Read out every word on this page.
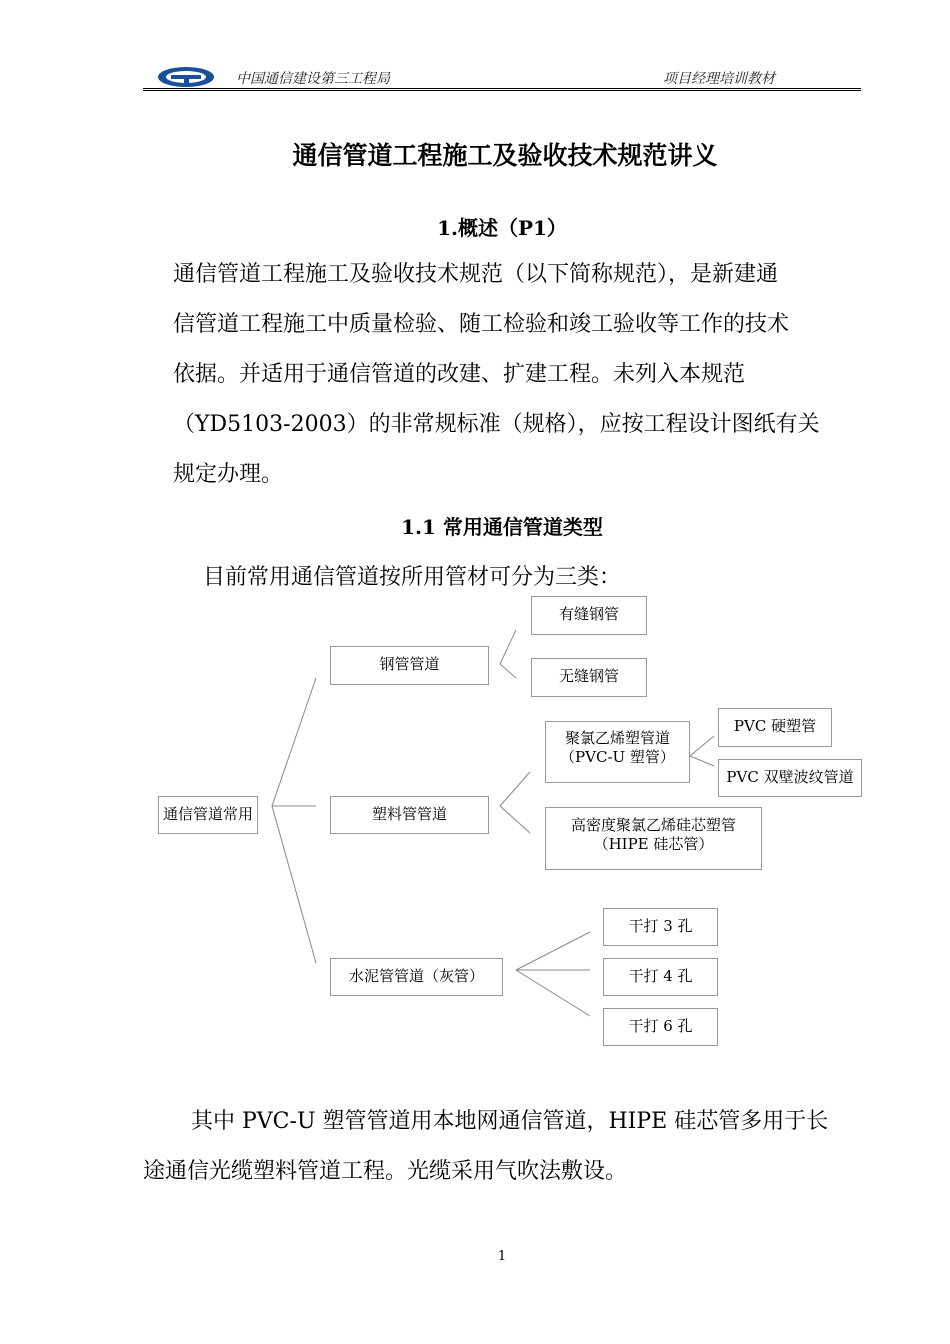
中国通信建设第三工程局	项目经理培训教材
通信管道工程施工及验收技术规范讲义
1.概述（P1）
通信管道工程施工及验收技术规范（以下简称规范），是新建通
信管道工程施工中质量检验、随工检验和竣工验收等工作的技术
依据。并适用于通信管道的改建、扩建工程。未列入本规范
（YD5103-2003）的非常规标准（规格），应按工程设计图纸有关
规定办理。
1.1 常用通信管道类型
目前常用通信管道按所用管材可分为三类：
通信管道常用
钢管管道
有缝钢管
无缝钢管
塑料管管道
聚氯乙烯塑管道
（PVC-U 塑管）
PVC 硬塑管
PVC 双壁波纹管道
高密度聚氯乙烯硅芯塑管
（HIPE 硅芯管）
水泥管管道（灰管）
干打 3 孔
干打 4 孔
干打 6 孔
其中 PVC-U 塑管管道用本地网通信管道，HIPE 硅芯管多用于长
途通信光缆塑料管道工程。光缆采用气吹法敷设。
1
